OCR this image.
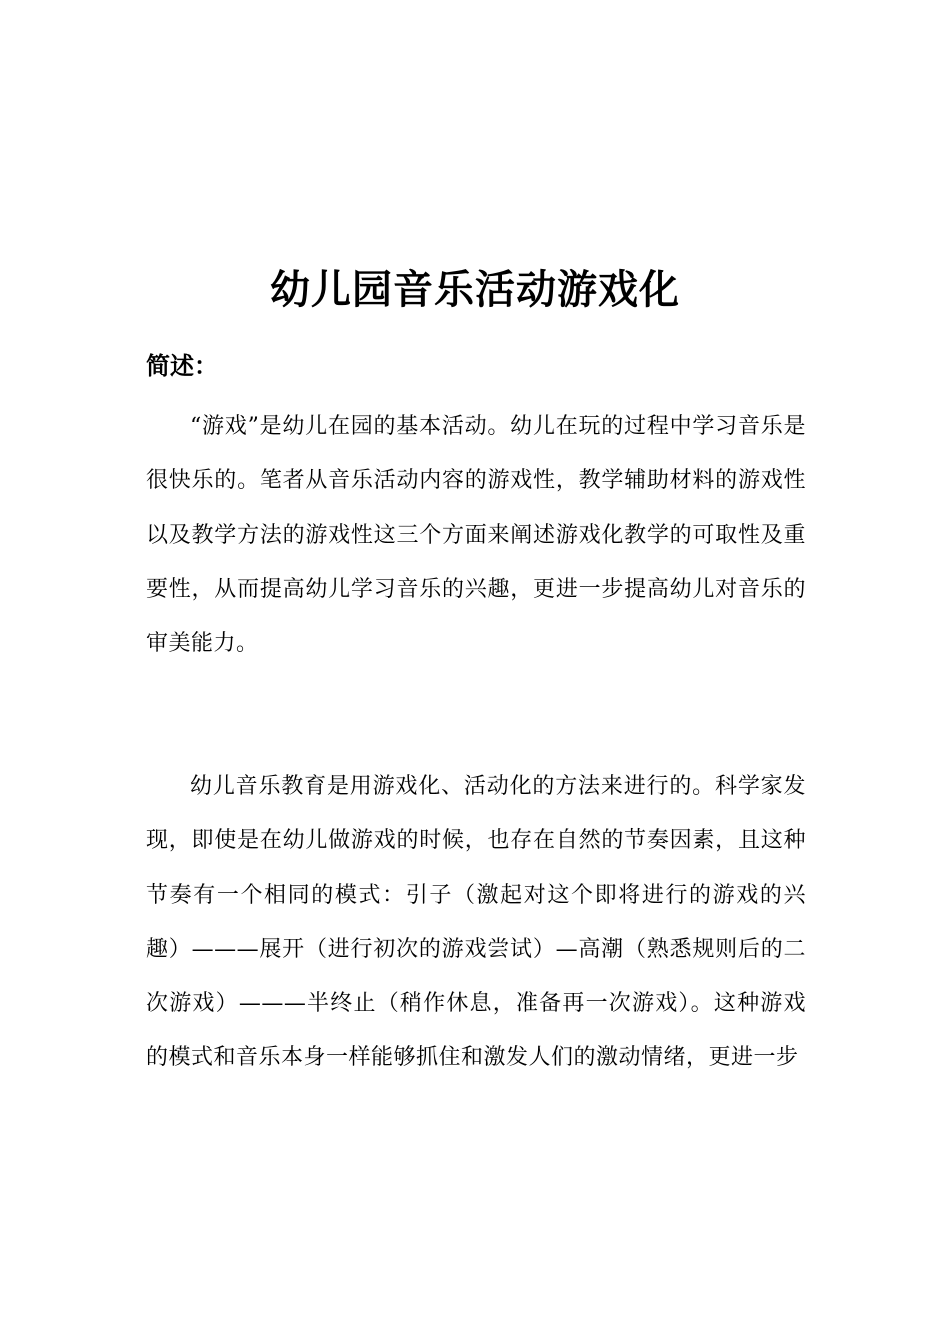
幼儿园音乐活动游戏化
简述：

“游戏”是幼儿在园的基本活动。幼儿在玩的过程中学习音乐是很快乐的。笔者从音乐活动内容的游戏性，教学辅助材料的游戏性以及教学方法的游戏性这三个方面来阐述游戏化教学的可取性及重要性，从而提高幼儿学习音乐的兴趣，更进一步提高幼儿对音乐的审美能力。

幼儿音乐教育是用游戏化、活动化的方法来进行的。科学家发现，即使是在幼儿做游戏的时候，也存在自然的节奏因素，且这种节奏有一个相同的模式：引子（激起对这个即将进行的游戏的兴趣）———展开（进行初次的游戏尝试）—高潮（熟悉规则后的二次游戏）———半终止（稍作休息，准备再一次游戏）。这种游戏的模式和音乐本身一样能够抓住和激发人们的激动情绪，更进一步
